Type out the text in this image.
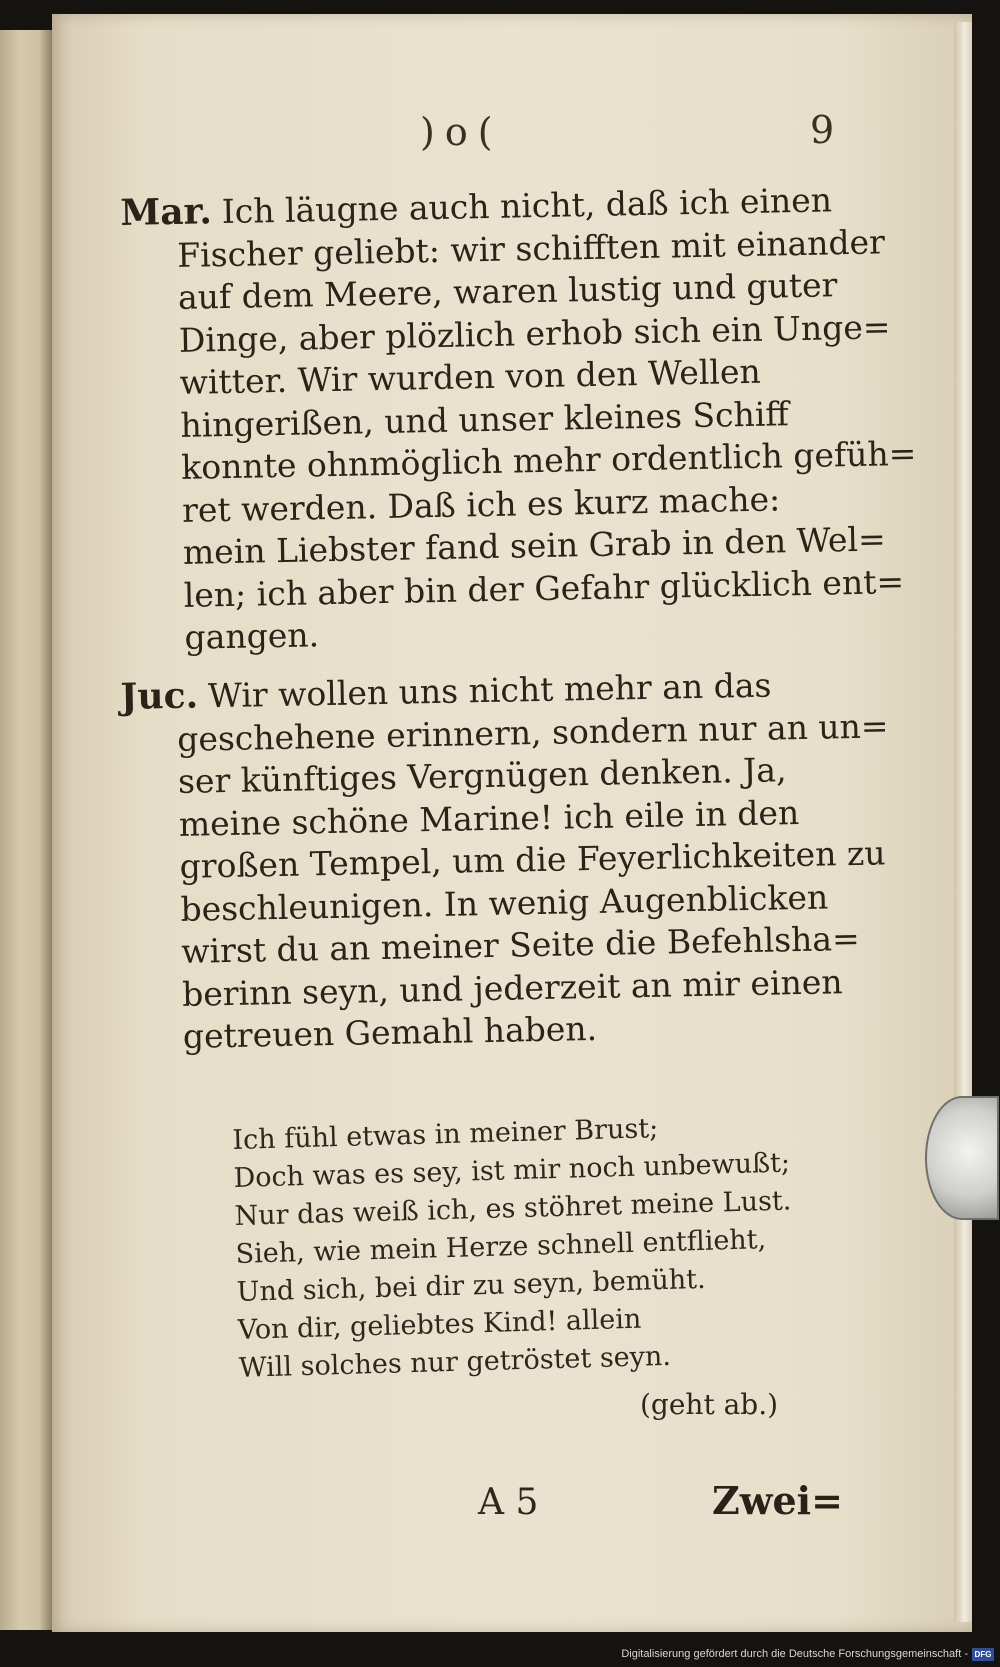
)o(	9
Mar. Ich läugne auch nicht, daß ich einen
Fischer geliebt: wir schifften mit einander
auf dem Meere, waren lustig und guter
Dinge, aber plözlich erhob sich ein Unge=
witter. Wir wurden von den Wellen
hingerißen, und unser kleines Schiff
konnte ohnmöglich mehr ordentlich gefüh=
ret werden. Daß ich es kurz mache:
mein Liebster fand sein Grab in den Wel=
len; ich aber bin der Gefahr glücklich ent=
gangen.
Juc. Wir wollen uns nicht mehr an das
geschehene erinnern, sondern nur an un=
ser künftiges Vergnügen denken. Ja,
meine schöne Marine! ich eile in den
großen Tempel, um die Feyerlichkeiten zu
beschleunigen. In wenig Augenblicken
wirst du an meiner Seite die Befehlsha=
berinn seyn, und jederzeit an mir einen
getreuen Gemahl haben.
Ich fühl etwas in meiner Brust;
Doch was es sey, ist mir noch unbewußt;
Nur das weiß ich, es stöhret meine Lust.
Sieh, wie mein Herze schnell entflieht,
Und sich, bei dir zu seyn, bemüht.
Von dir, geliebtes Kind! allein
Will solches nur getröstet seyn.
(geht ab.)
A 5	Zwei=
Digitalisierung gefördert durch die Deutsche Forschungsgemeinschaft - DFG
